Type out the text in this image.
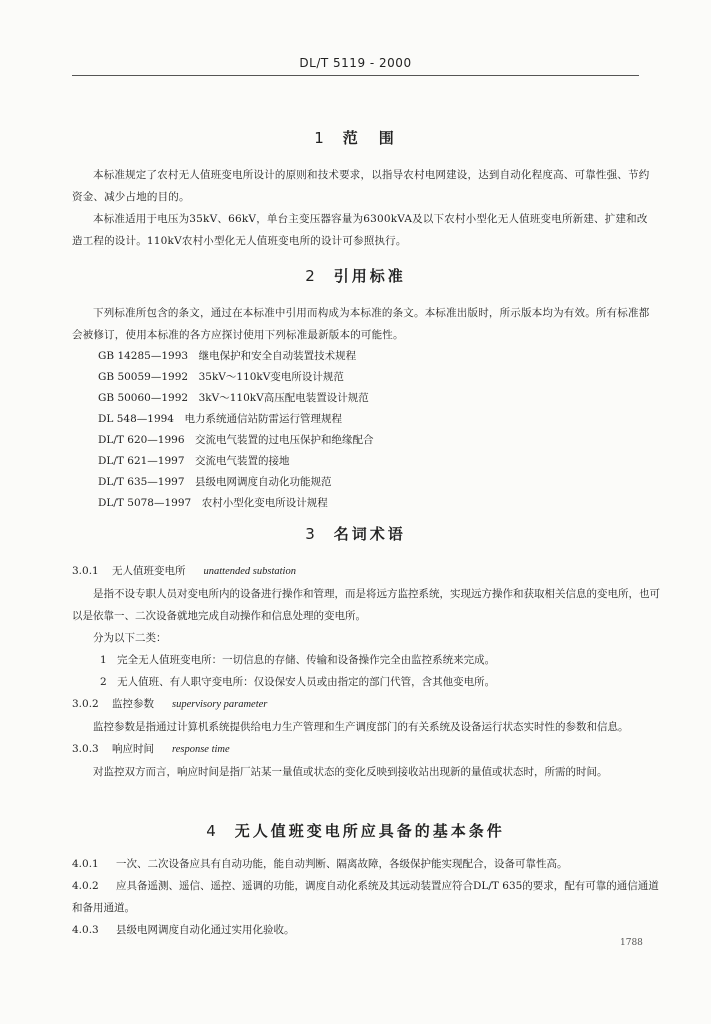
DL/T 5119 - 2000
1 范　围

本标准规定了农村无人值班变电所设计的原则和技术要求，以指导农村电网建设，达到自动化程度高、可靠性强、节约资金、减少占地的目的。

本标准适用于电压为35kV、66kV，单台主变压器容量为6300kVA及以下农村小型化无人值班变电所新建、扩建和改造工程的设计。110kV农村小型化无人值班变电所的设计可参照执行。

2 引用标准

下列标准所包含的条文，通过在本标准中引用而构成为本标准的条文。本标准出版时，所示版本均为有效。所有标准都会被修订，使用本标准的各方应探讨使用下列标准最新版本的可能性。

GB 14285—1993　 继电保护和安全自动装置技术规程
GB 50059—1992　 35kV～110kV变电所设计规范
GB 50060—1992　 3kV～110kV高压配电装置设计规范
DL 548—1994　 电力系统通信站防雷运行管理规程
DL/T 620—1996　 交流电气装置的过电压保护和绝缘配合
DL/T 621—1997　 交流电气装置的接地
DL/T 635—1997　 县级电网调度自动化功能规范
DL/T 5078—1997　 农村小型化变电所设计规程
3 名词术语
3.0.1 无人值班变电所 unattended substation

是指不设专职人员对变电所内的设备进行操作和管理，而是将远方监控系统，实现远方操作和获取相关信息的变电所，也可以是依靠一、二次设备就地完成自动操作和信息处理的变电所。

分为以下二类：

1　完全无人值班变电所：一切信息的存储、传输和设备操作完全由监控系统来完成。

2　无人值班、有人职守变电所：仅设保安人员或由指定的部门代管，含其他变电所。

3.0.2 监控参数 supervisory parameter

监控参数是指通过计算机系统提供给电力生产管理和生产调度部门的有关系统及设备运行状态实时性的参数和信息。

3.0.3 响应时间 response time

对监控双方而言，响应时间是指厂站某一量值或状态的变化反映到接收站出现新的量值或状态时，所需的时间。

4 无人值班变电所应具备的基本条件
4.0.1 一次、二次设备应具有自动功能，能自动判断、隔离故障，各级保护能实现配合，设备可靠性高。
4.0.2 应具备遥测、遥信、遥控、遥调的功能，调度自动化系统及其远动装置应符合DL/T 635的要求，配有可靠的通信通道和备用通道。
4.0.3 县级电网调度自动化通过实用化验收。
1788
